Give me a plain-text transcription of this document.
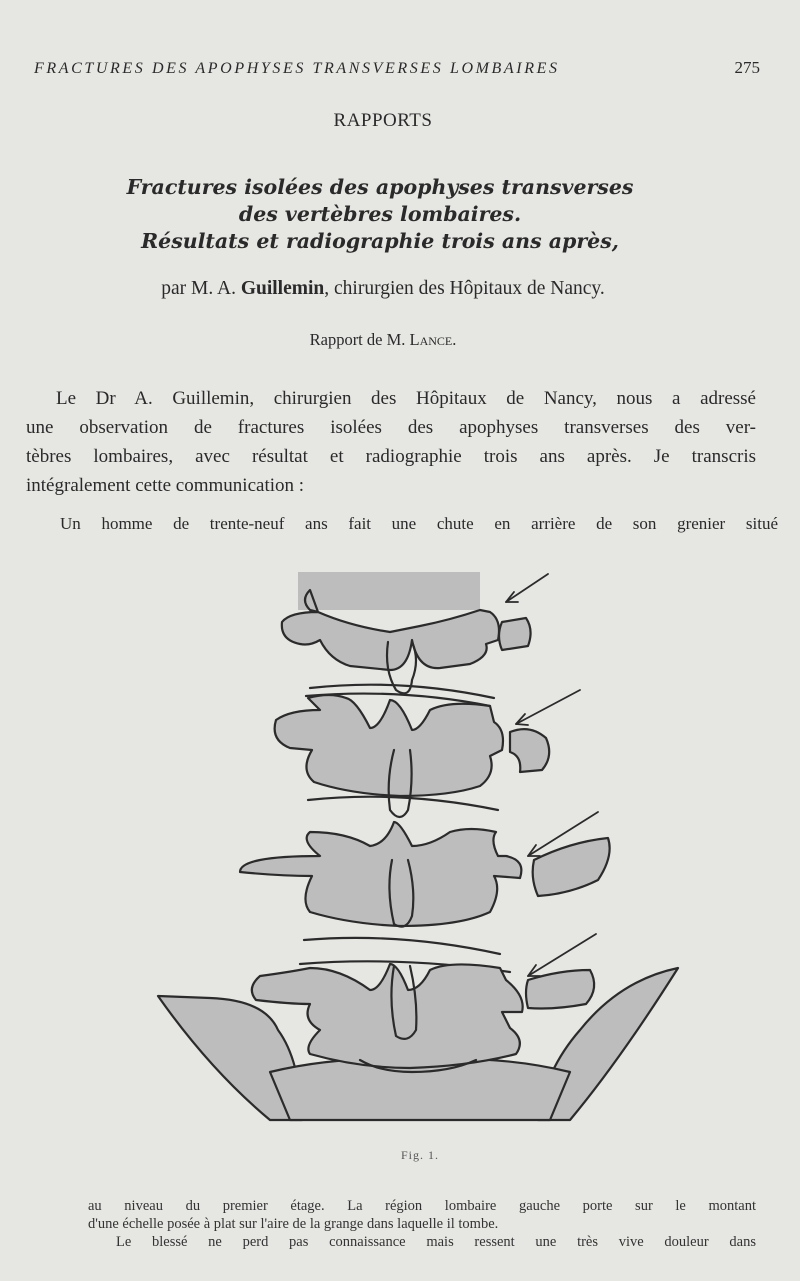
FRACTURES DES APOPHYSES TRANSVERSES LOMBAIRES	275
RAPPORTS
Fractures isolées des apophyses transverses
des vertèbres lombaires.
Résultats et radiographie trois ans après,
par M. A. Guillemin, chirurgien des Hôpitaux de Nancy.
Rapport de M. Lance.
Le Dr A. Guillemin, chirurgien des Hôpitaux de Nancy, nous a adressé
une observation de fractures isolées des apophyses transverses des ver-
tèbres lombaires, avec résultat et radiographie trois ans après. Je transcris
intégralement cette communication :
Un homme de trente-neuf ans fait une chute en arrière de son grenier situé
Fig. 1.
au niveau du premier étage. La région lombaire gauche porte sur le montant
d'une échelle posée à plat sur l'aire de la grange dans laquelle il tombe.
Le blessé ne perd pas connaissance mais ressent une très vive douleur dans
